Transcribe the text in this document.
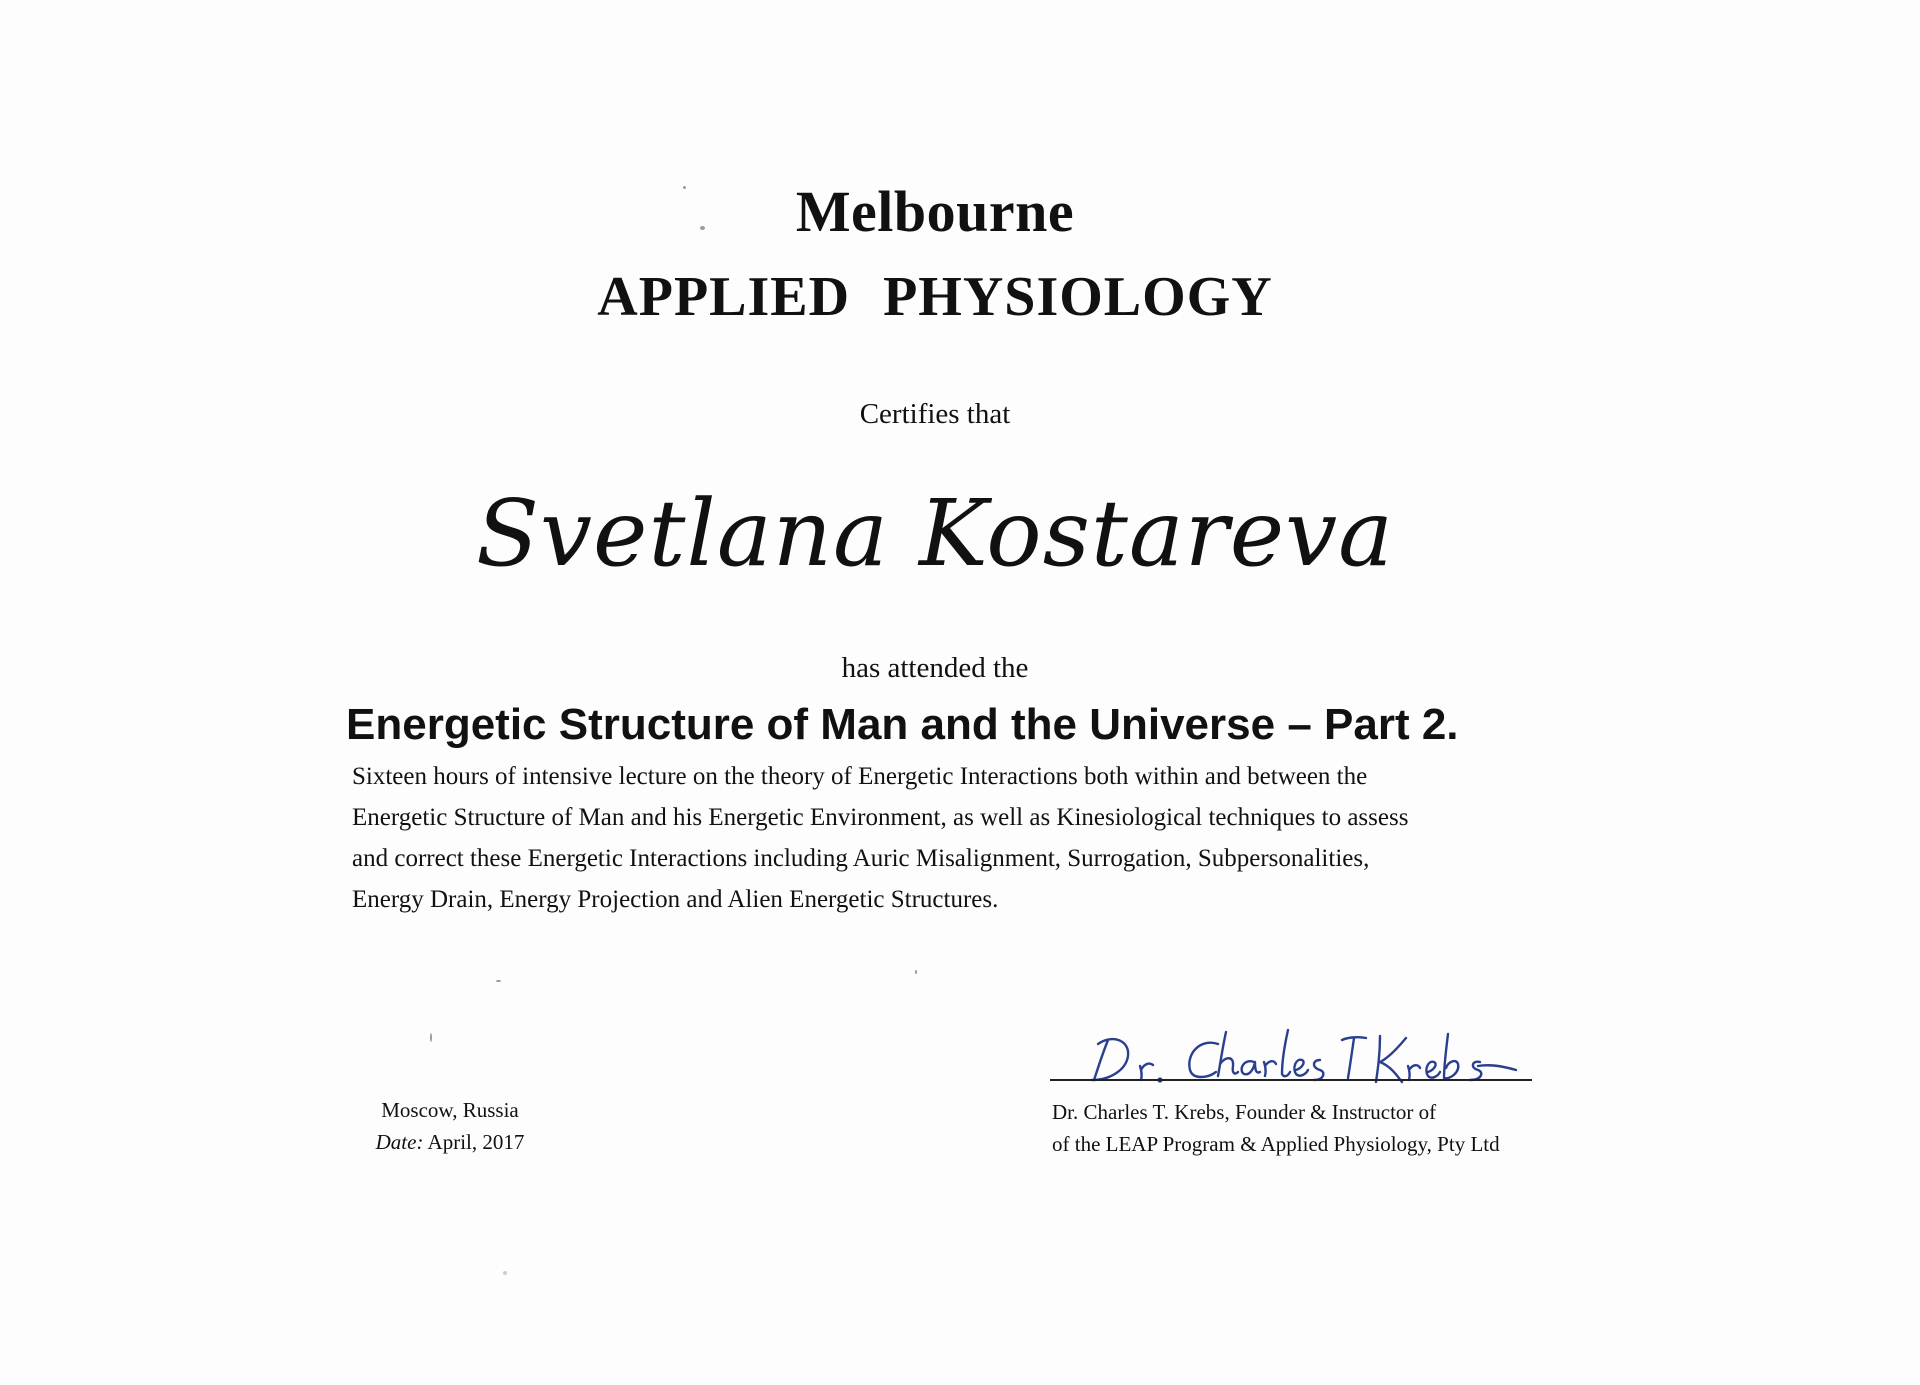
Melbourne
APPLIED PHYSIOLOGY
Certifies that
Svetlana Kostareva
has attended the
Energetic Structure of Man and the Universe – Part 2.
Sixteen hours of intensive lecture on the theory of Energetic Interactions both within and between the
Energetic Structure of Man and his Energetic Environment, as well as Kinesiological techniques to assess
and correct these Energetic Interactions including Auric Misalignment, Surrogation, Subpersonalities,
Energy Drain, Energy Projection and Alien Energetic Structures.
Moscow, Russia
Date: April, 2017
Dr. Charles T. Krebs, Founder & Instructor of
of the LEAP Program & Applied Physiology, Pty Ltd
